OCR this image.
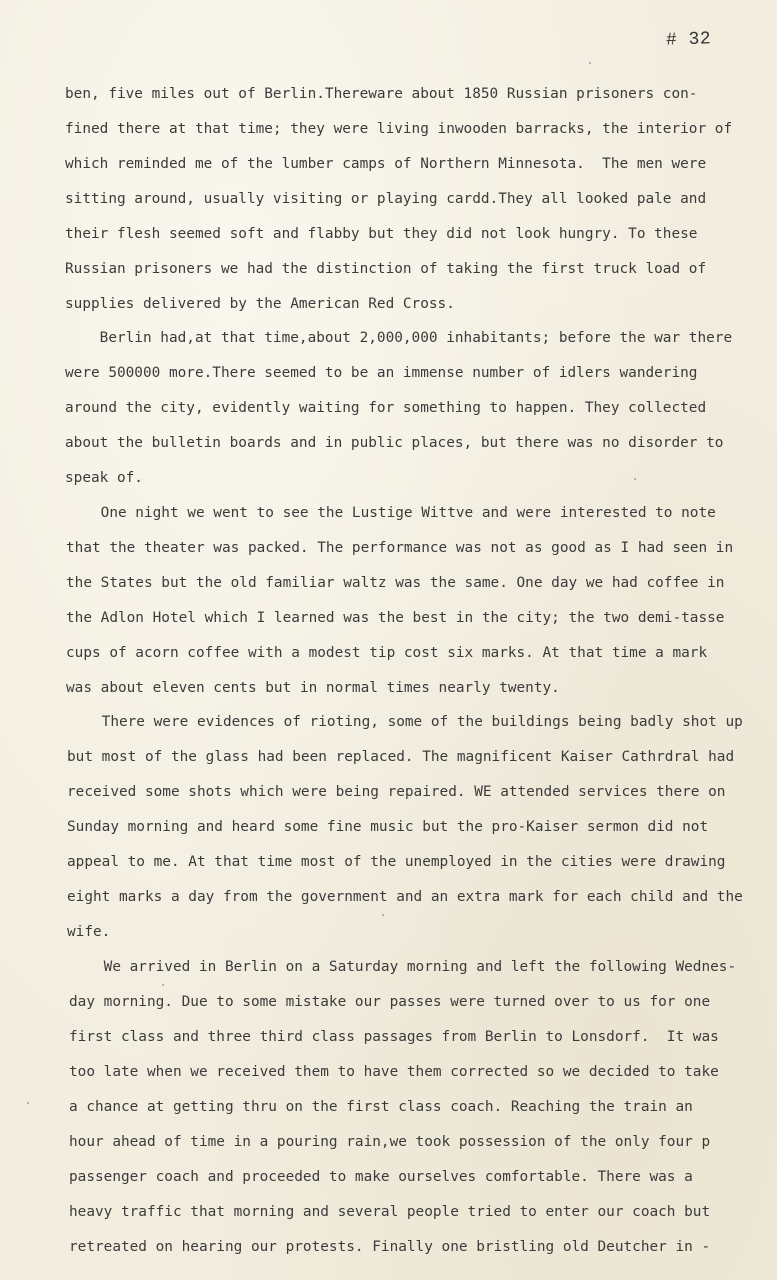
# 32
ben, five miles out of Berlin.Thereware about 1850 Russian prisoners con-
fined there at that time; they were living inwooden barracks, the interior of
which reminded me of the lumber camps of Northern Minnesota.  The men were
sitting around, usually visiting or playing cardd.They all looked pale and
their flesh seemed soft and flabby but they did not look hungry. To these
Russian prisoners we had the distinction of taking the first truck load of
supplies delivered by the American Red Cross.
Berlin had,at that time,about 2,000,000 inhabitants; before the war there
were 500000 more.There seemed to be an immense number of idlers wandering
around the city, evidently waiting for something to happen. They collected
about the bulletin boards and in public places, but there was no disorder to
speak of.
One night we went to see the Lustige Wittve and were interested to note
that the theater was packed. The performance was not as good as I had seen in
the States but the old familiar waltz was the same. One day we had coffee in
the Adlon Hotel which I learned was the best in the city; the two demi-tasse
cups of acorn coffee with a modest tip cost six marks. At that time a mark
was about eleven cents but in normal times nearly twenty.
There were evidences of rioting, some of the buildings being badly shot up
but most of the glass had been replaced. The magnificent Kaiser Cathrdral had
received some shots which were being repaired. WE attended services there on
Sunday morning and heard some fine music but the pro-Kaiser sermon did not
appeal to me. At that time most of the unemployed in the cities were drawing
eight marks a day from the government and an extra mark for each child and the
wife.
We arrived in Berlin on a Saturday morning and left the following Wednes-
day morning. Due to some mistake our passes were turned over to us for one
first class and three third class passages from Berlin to Lonsdorf.  It was
too late when we received them to have them corrected so we decided to take
a chance at getting thru on the first class coach. Reaching the train an
hour ahead of time in a pouring rain,we took possession of the only four p
passenger coach and proceeded to make ourselves comfortable. There was a
heavy traffic that morning and several people tried to enter our coach but
retreated on hearing our protests. Finally one bristling old Deutcher in -
